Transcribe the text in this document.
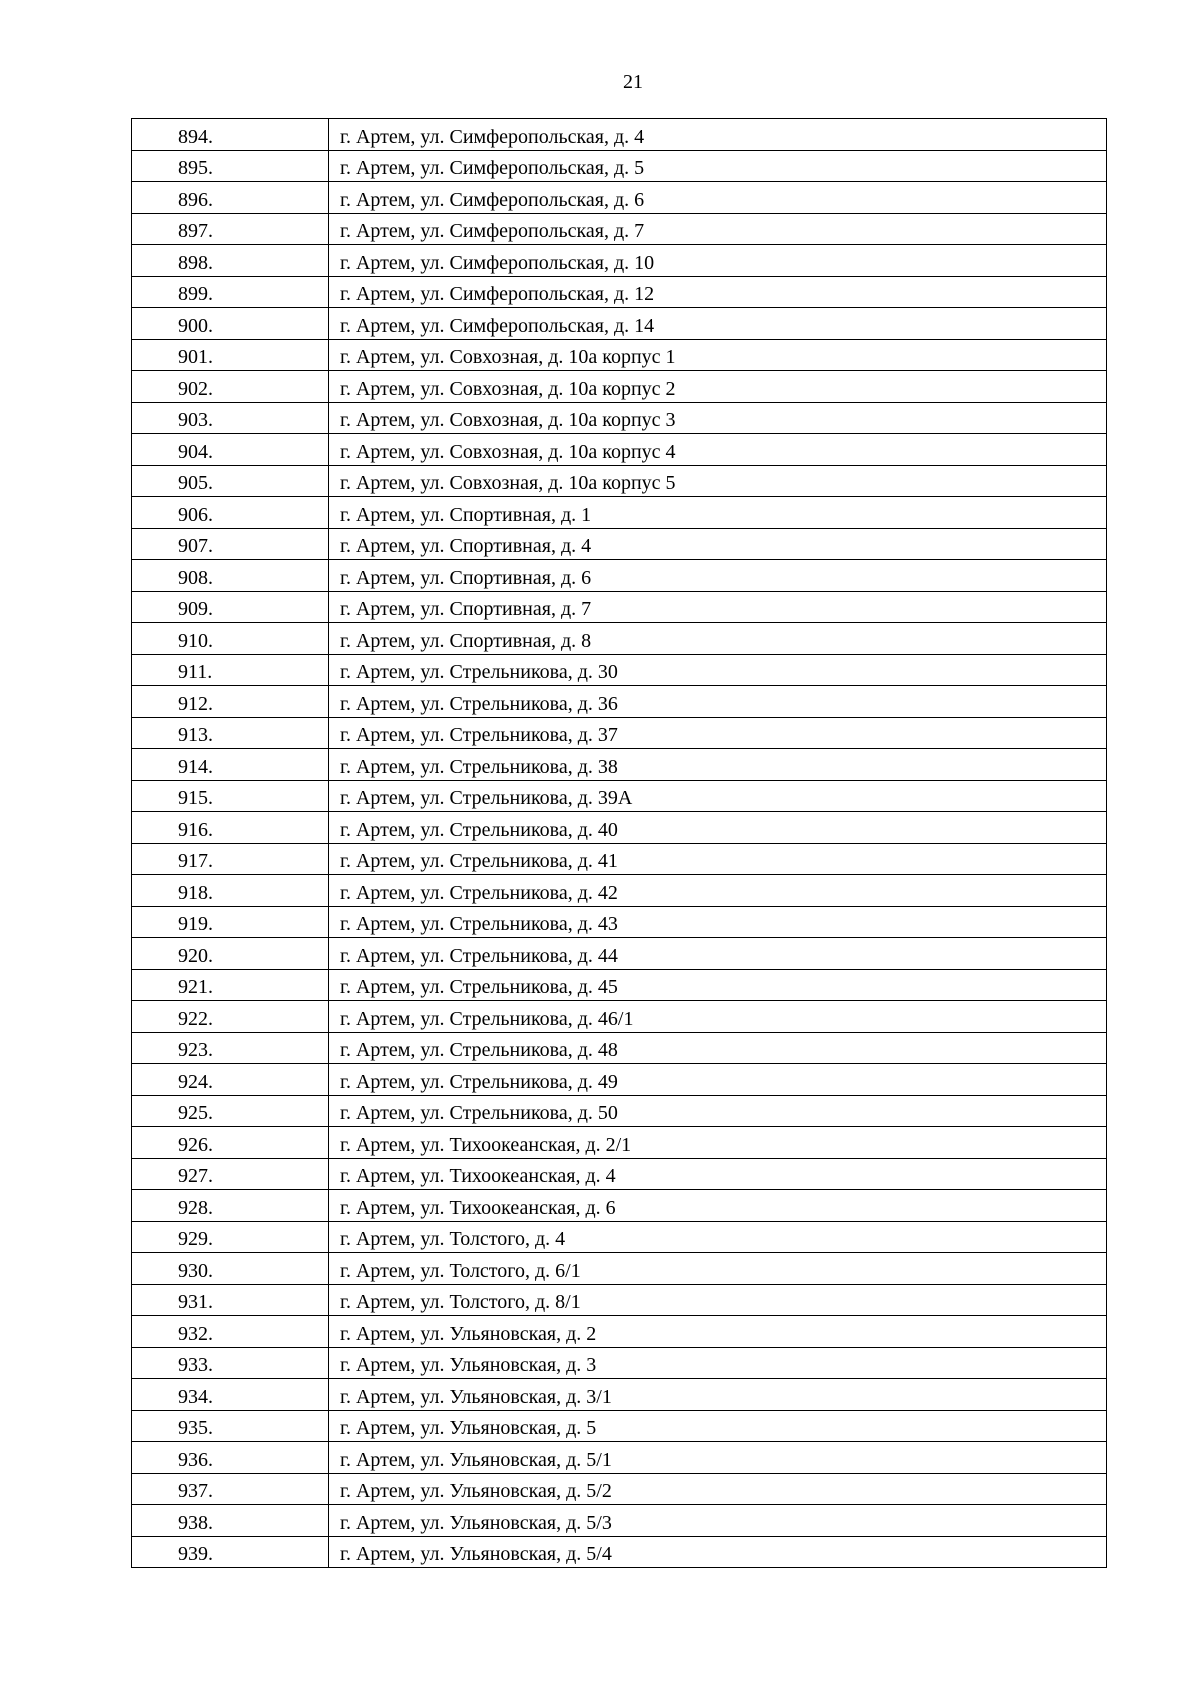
21
894.	г. Артем, ул. Симферопольская, д. 4
895.	г. Артем, ул. Симферопольская, д. 5
896.	г. Артем, ул. Симферопольская, д. 6
897.	г. Артем, ул. Симферопольская, д. 7
898.	г. Артем, ул. Симферопольская, д. 10
899.	г. Артем, ул. Симферопольская, д. 12
900.	г. Артем, ул. Симферопольская, д. 14
901.	г. Артем, ул. Совхозная, д. 10а корпус 1
902.	г. Артем, ул. Совхозная, д. 10а корпус 2
903.	г. Артем, ул. Совхозная, д. 10а корпус 3
904.	г. Артем, ул. Совхозная, д. 10а корпус 4
905.	г. Артем, ул. Совхозная, д. 10а корпус 5
906.	г. Артем, ул. Спортивная, д. 1
907.	г. Артем, ул. Спортивная, д. 4
908.	г. Артем, ул. Спортивная, д. 6
909.	г. Артем, ул. Спортивная, д. 7
910.	г. Артем, ул. Спортивная, д. 8
911.	г. Артем, ул. Стрельникова, д. 30
912.	г. Артем, ул. Стрельникова, д. 36
913.	г. Артем, ул. Стрельникова, д. 37
914.	г. Артем, ул. Стрельникова, д. 38
915.	г. Артем, ул. Стрельникова, д. 39А
916.	г. Артем, ул. Стрельникова, д. 40
917.	г. Артем, ул. Стрельникова, д. 41
918.	г. Артем, ул. Стрельникова, д. 42
919.	г. Артем, ул. Стрельникова, д. 43
920.	г. Артем, ул. Стрельникова, д. 44
921.	г. Артем, ул. Стрельникова, д. 45
922.	г. Артем, ул. Стрельникова, д. 46/1
923.	г. Артем, ул. Стрельникова, д. 48
924.	г. Артем, ул. Стрельникова, д. 49
925.	г. Артем, ул. Стрельникова, д. 50
926.	г. Артем, ул. Тихоокеанская, д. 2/1
927.	г. Артем, ул. Тихоокеанская, д. 4
928.	г. Артем, ул. Тихоокеанская, д. 6
929.	г. Артем, ул. Толстого, д. 4
930.	г. Артем, ул. Толстого, д. 6/1
931.	г. Артем, ул. Толстого, д. 8/1
932.	г. Артем, ул. Ульяновская, д. 2
933.	г. Артем, ул. Ульяновская, д. 3
934.	г. Артем, ул. Ульяновская, д. 3/1
935.	г. Артем, ул. Ульяновская, д. 5
936.	г. Артем, ул. Ульяновская, д. 5/1
937.	г. Артем, ул. Ульяновская, д. 5/2
938.	г. Артем, ул. Ульяновская, д. 5/3
939.	г. Артем, ул. Ульяновская, д. 5/4
